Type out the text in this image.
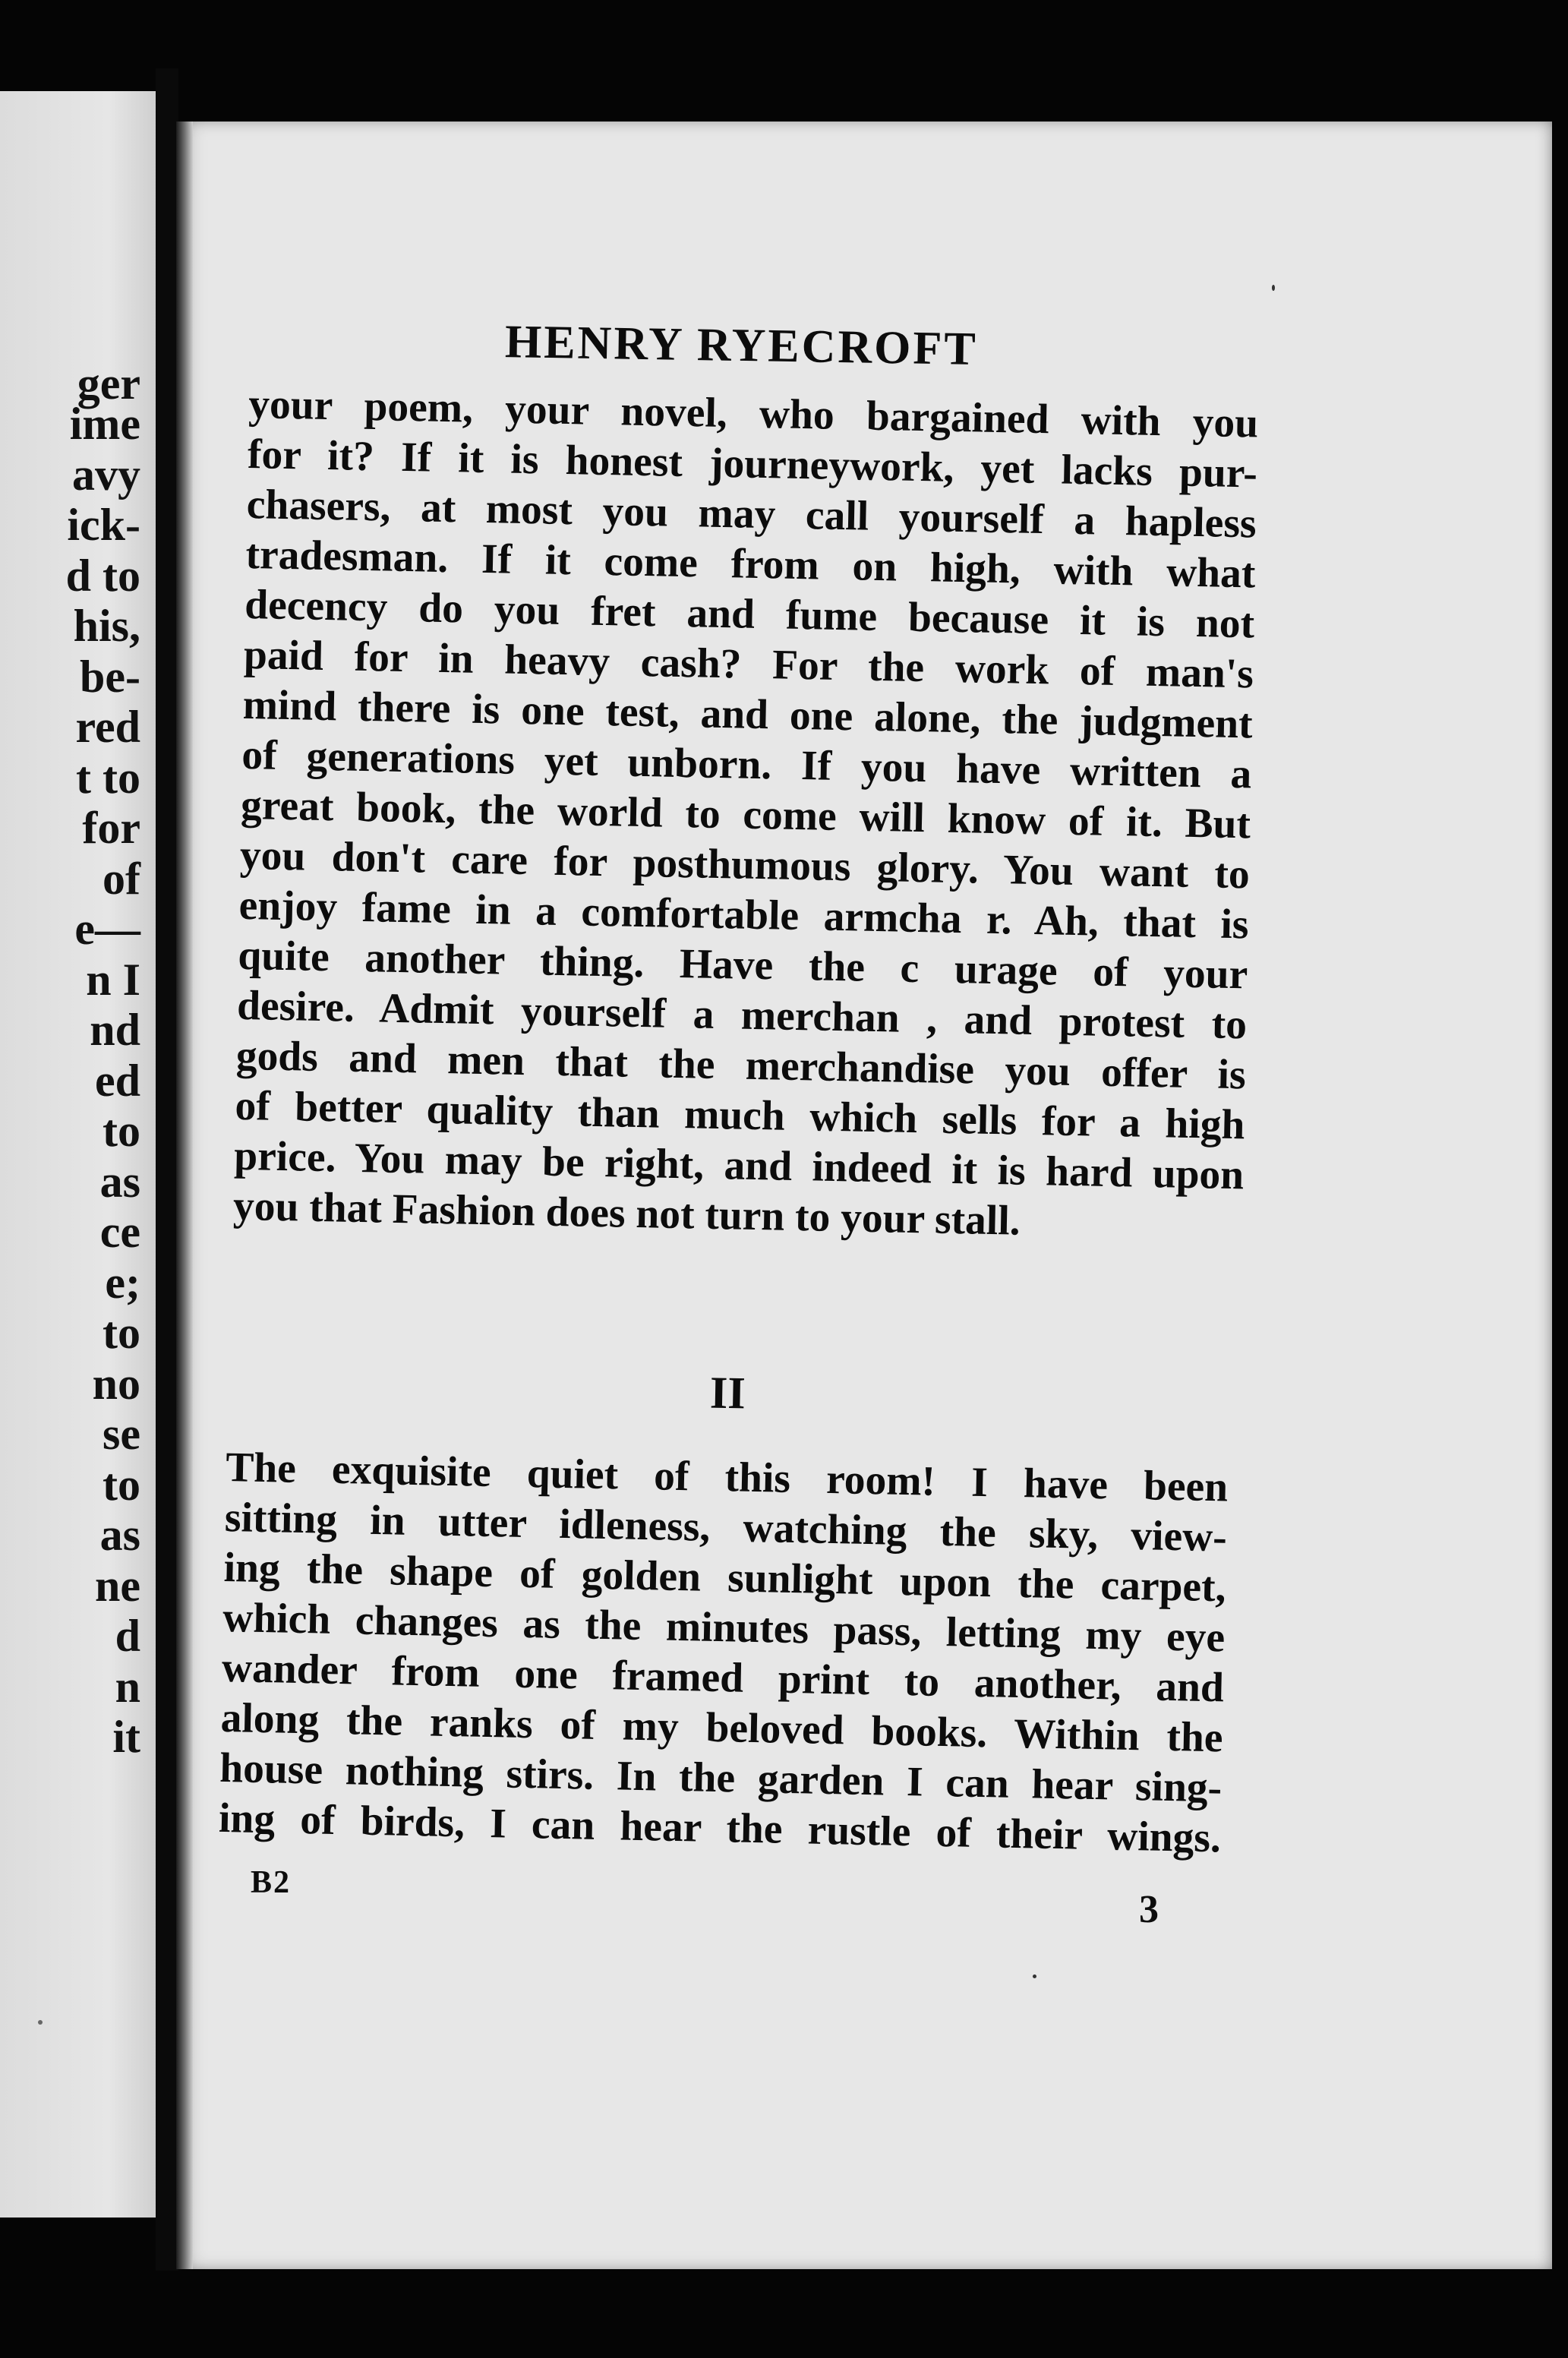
ger
ime
avy
ick-
d to
his,
be-
red
t to
for
of
e—
n I
nd
ed
to
as
ce
e;
to
no
se
to
as
ne
d
n
it
HENRY RYECROFT
your poem, your novel, who bargained with you
for it? If it is honest journeywork, yet lacks pur-
chasers, at most you may call yourself a hapless
tradesman. If it come from on high, with what
decency do you fret and fume because it is not
paid for in heavy cash? For the work of man's
mind there is one test, and one alone, the judgment
of generations yet unborn. If you have written a
great book, the world to come will know of it. But
you don't care for posthumous glory. You want to
enjoy fame in a comfortable armcha r. Ah, that is
quite another thing. Have the c urage of your
desire. Admit yourself a merchan , and protest to
gods and men that the merchandise you offer is
of better quality than much which sells for a high
price. You may be right, and indeed it is hard upon
you that Fashion does not turn to your stall.
II
The exquisite quiet of this room! I have been
sitting in utter idleness, watching the sky, view-
ing the shape of golden sunlight upon the carpet,
which changes as the minutes pass, letting my eye
wander from one framed print to another, and
along the ranks of my beloved books. Within the
house nothing stirs. In the garden I can hear sing-
ing of birds, I can hear the rustle of their wings.
B2
3
